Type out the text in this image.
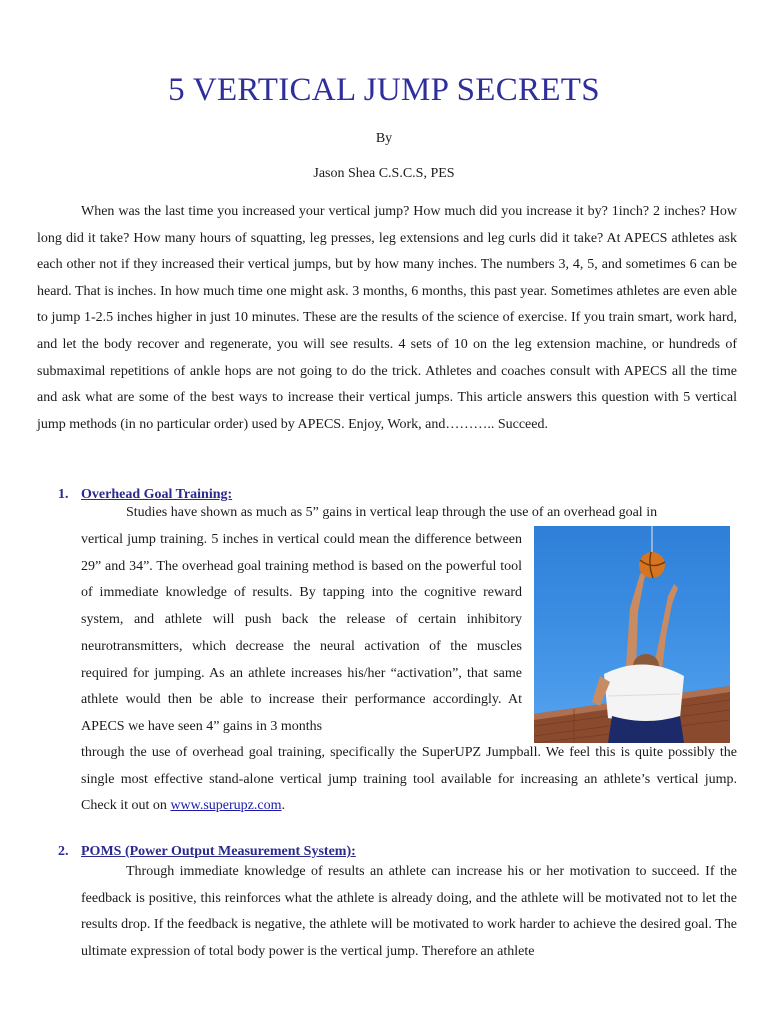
5 VERTICAL JUMP SECRETS
By
Jason Shea C.S.C.S, PES

When was the last time you increased your vertical jump? How much did you increase it by? 1inch? 2 inches? How long did it take? How many hours of squatting, leg presses, leg extensions and leg curls did it take? At APECS athletes ask each other not if they increased their vertical jumps, but by how many inches. The numbers 3, 4, 5, and sometimes 6 can be heard. That is inches. In how much time one might ask. 3 months, 6 months, this past year. Sometimes athletes are even able to jump 1-2.5 inches higher in just 10 minutes. These are the results of the science of exercise. If you train smart, work hard, and let the body recover and regenerate, you will see results. 4 sets of 10 on the leg extension machine, or hundreds of submaximal repetitions of ankle hops are not going to do the trick. Athletes and coaches consult with APECS all the time and ask what are some of the best ways to increase their vertical jumps. This article answers this question with 5 vertical jump methods (in no particular order) used by APECS. Enjoy, Work, and……….. Succeed.

1. Overhead Goal Training:

Studies have shown as much as 5” gains in vertical leap through the use of an overhead goal in

vertical jump training. 5 inches in vertical could mean the difference between 29” and 34”. The overhead goal training method is based on the powerful tool of immediate knowledge of results. By tapping into the cognitive reward system, and athlete will push back the release of certain inhibitory neurotransmitters, which decrease the neural activation of the muscles required for jumping. As an athlete increases his/her “activation”, that same athlete would then be able to increase their performance accordingly. At APECS we have seen 4” gains in 3 months

through the use of overhead goal training, specifically the SuperUPZ Jumpball. We feel this is quite possibly the single most effective stand-alone vertical jump training tool available for increasing an athlete’s vertical jump. Check it out on www.superupz.com.

2. POMS (Power Output Measurement System):

Through immediate knowledge of results an athlete can increase his or her motivation to succeed. If the feedback is positive, this reinforces what the athlete is already doing, and the athlete will be motivated not to let the results drop. If the feedback is negative, the athlete will be motivated to work harder to achieve the desired goal. The ultimate expression of total body power is the vertical jump. Therefore an athlete
